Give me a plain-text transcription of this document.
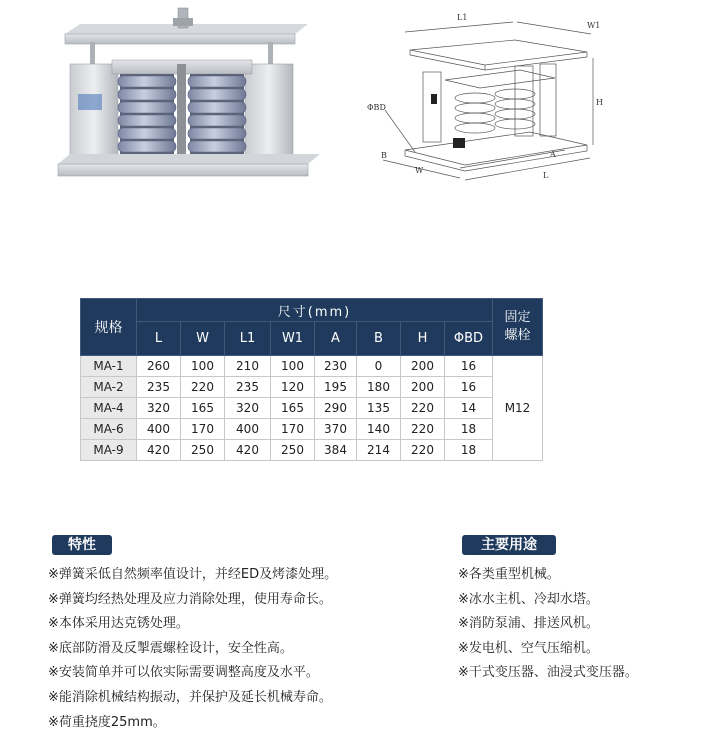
L1
W1
H
ΦBD
B
W
A
L
规格	尺寸(mm)								固定
螺栓
	L	W	L1	W1	A	B	H	ΦBD	
MA-1	260	100	210	100	230	0	200	16	M12
MA-2	235	220	235	120	195	180	200	16	
MA-4	320	165	320	165	290	135	220	14	
MA-6	400	170	400	170	370	140	220	18	
MA-9	420	250	420	250	384	214	220	18	
特性
※弹簧采低自然频率值设计，并经ED及烤漆处理。
※弹簧均经热处理及应力消除处理，使用寿命长。
※本体采用达克锈处理。
※底部防滑及反掣震螺栓设计，安全性高。
※安装简单并可以依实际需要调整高度及水平。
※能消除机械结构振动，并保护及延长机械寿命。
※荷重挠度25mm。
主要用途
※各类重型机械。
※冰水主机、冷却水塔。
※消防泵浦、排送风机。
※发电机、空气压缩机。
※干式变压器、油浸式变压器。
